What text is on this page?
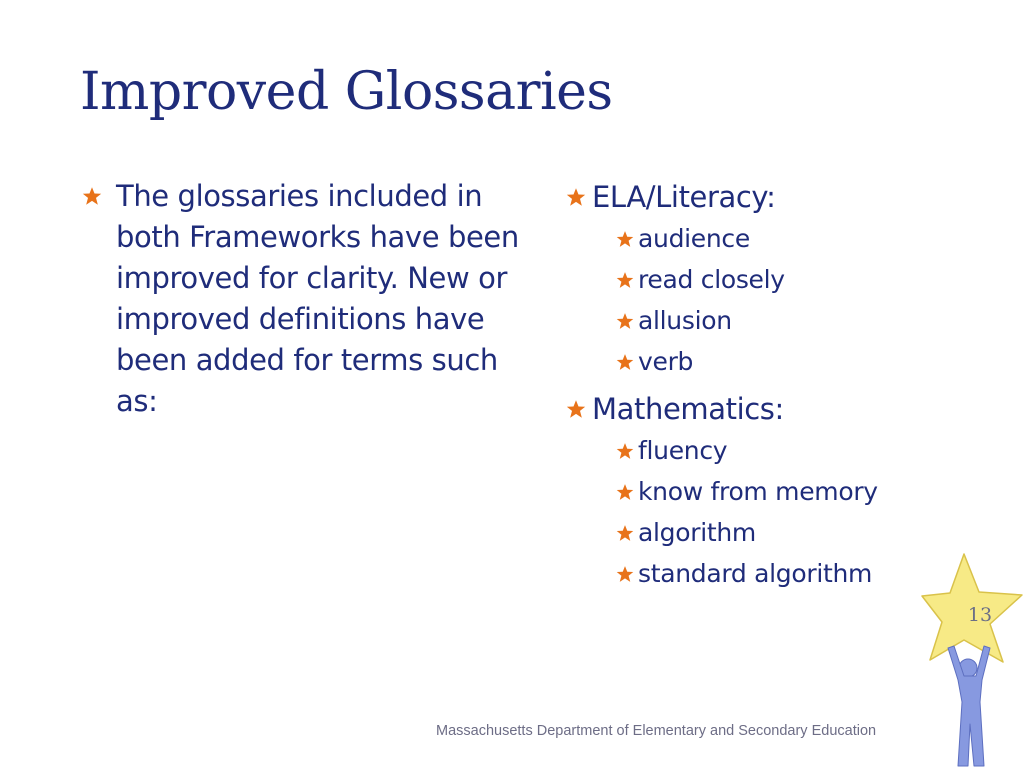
Improved Glossaries
The glossaries included in both Frameworks have been improved for clarity. New or improved definitions have been added for terms such as:
ELA/Literacy:
audience
read closely
allusion
verb
Mathematics:
fluency
know from memory
algorithm
standard algorithm
13
Massachusetts Department of Elementary and Secondary Education
